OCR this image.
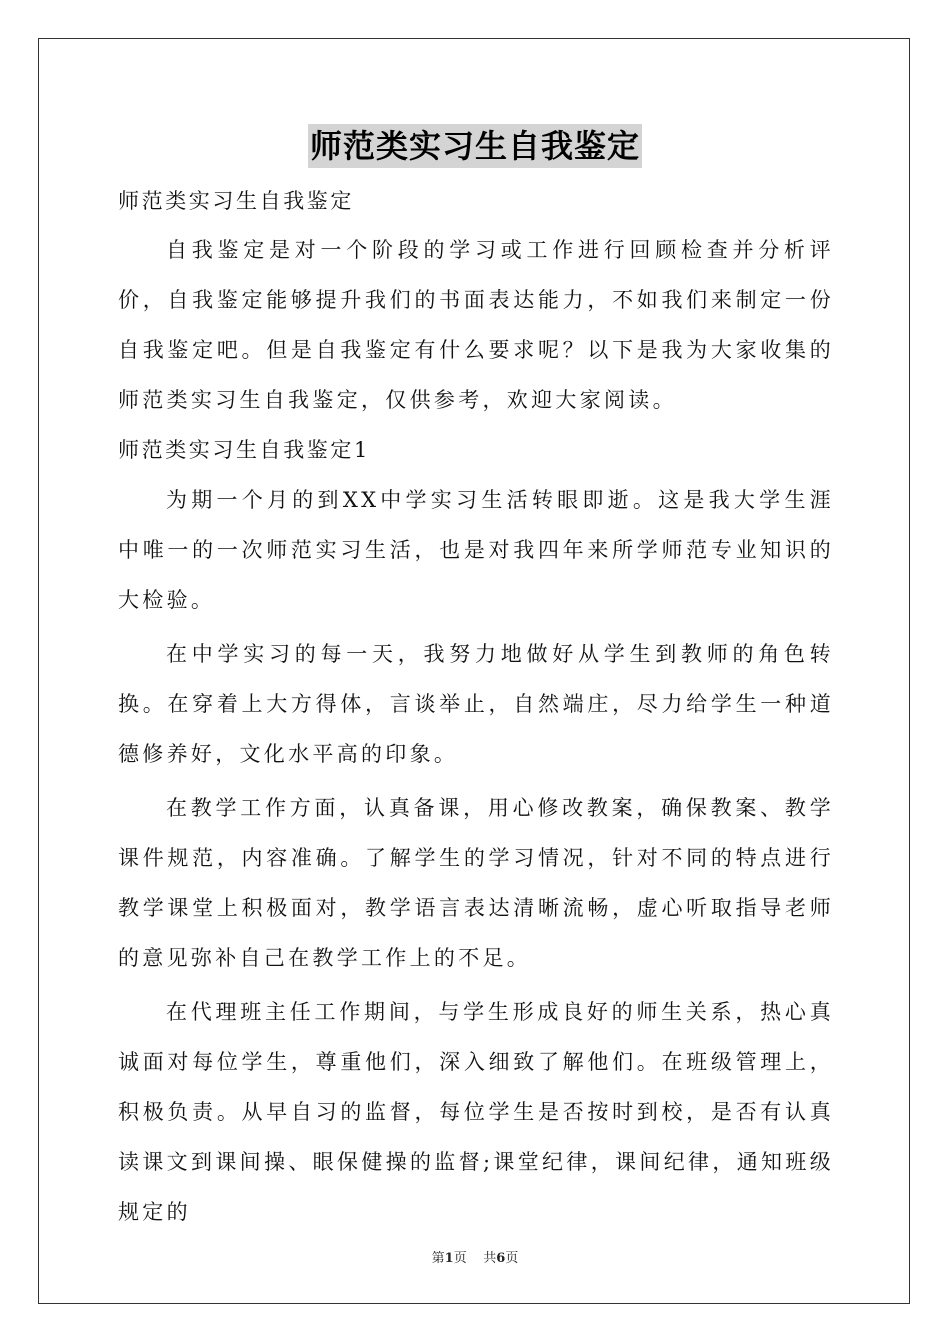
师范类实习生自我鉴定
师范类实习生自我鉴定

自我鉴定是对一个阶段的学习或工作进行回顾检查并分析评价，自我鉴定能够提升我们的书面表达能力，不如我们来制定一份自我鉴定吧。但是自我鉴定有什么要求呢？以下是我为大家收集的师范类实习生自我鉴定，仅供参考，欢迎大家阅读。

师范类实习生自我鉴定1

为期一个月的到XX中学实习生活转眼即逝。这是我大学生涯中唯一的一次师范实习生活，也是对我四年来所学师范专业知识的大检验。

在中学实习的每一天，我努力地做好从学生到教师的角色转换。在穿着上大方得体，言谈举止，自然端庄，尽力给学生一种道德修养好，文化水平高的印象。

在教学工作方面，认真备课，用心修改教案，确保教案、教学课件规范，内容准确。了解学生的学习情况，针对不同的特点进行教学课堂上积极面对，教学语言表达清晰流畅，虚心听取指导老师的意见弥补自己在教学工作上的不足。

在代理班主任工作期间，与学生形成良好的师生关系，热心真诚面对每位学生，尊重他们，深入细致了解他们。在班级管理上，积极负责。从早自习的监督，每位学生是否按时到校，是否有认真读课文到课间操、眼保健操的监督;课堂纪律，课间纪律，通知班级规定的

第1页 共6页
